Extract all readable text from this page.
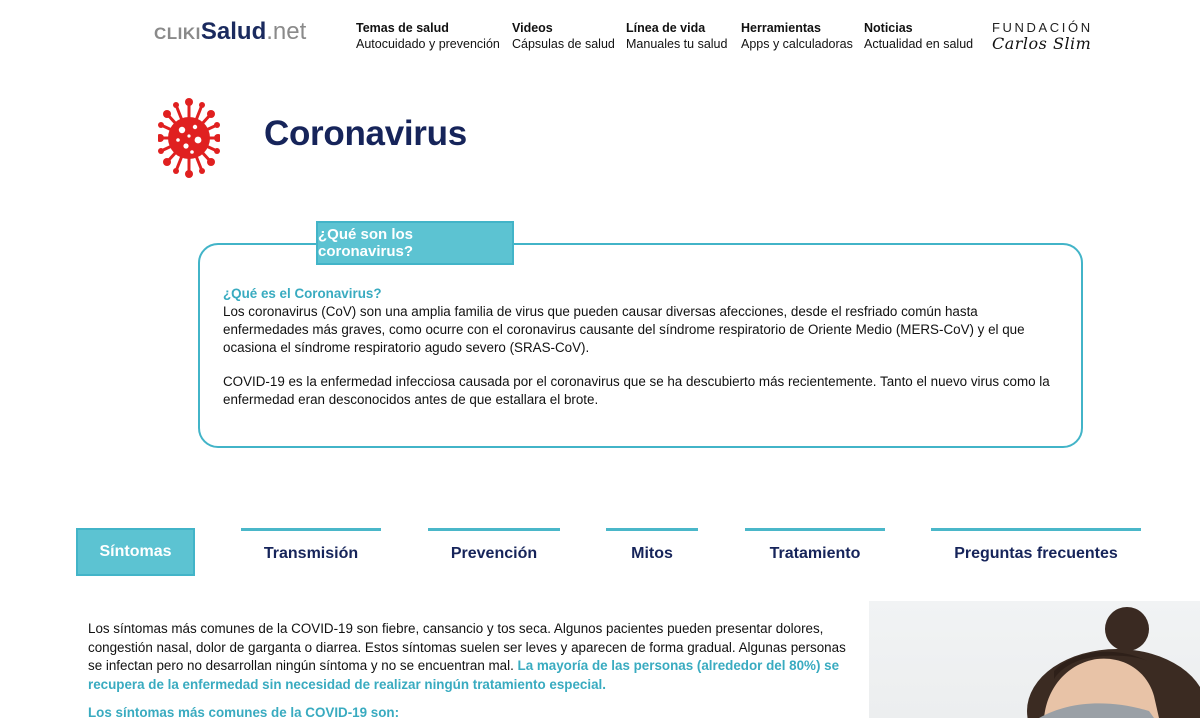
CLIKI Salud .net	Temas de salud
Autocuidado y prevención
Videos
Cápsulas de salud
Línea de vida
Manuales tu salud
Herramientas
Apps y calculadoras
Noticias
Actualidad en salud
FUNDACIÓN
Carlos Slim
Coronavirus
¿Qué son los coronavirus?
¿Qué es el Coronavirus?

Los coronavirus (CoV) son una amplia familia de virus que pueden causar diversas afecciones, desde el resfriado común hasta enfermedades más graves, como ocurre con el coronavirus causante del síndrome respiratorio de Oriente Medio (MERS-CoV) y el que ocasiona el síndrome respiratorio agudo severo (SRAS-CoV).

COVID-19 es la enfermedad infecciosa causada por el coronavirus que se ha descubierto más recientemente. Tanto el nuevo virus como la enfermedad eran desconocidos antes de que estallara el brote.

Síntomas	Transmisión	Prevención	Mitos	Tratamiento	Preguntas frecuentes
Los síntomas más comunes de la COVID-19 son fiebre, cansancio y tos seca. Algunos pacientes pueden presentar dolores, congestión nasal, dolor de garganta o diarrea. Estos síntomas suelen ser leves y aparecen de forma gradual. Algunas personas se infectan pero no desarrollan ningún síntoma y no se encuentran mal. La mayoría de las personas (alrededor del 80%) se recupera de la enfermedad sin necesidad de realizar ningún tratamiento especial.
Los síntomas más comunes de la COVID-19 son:
